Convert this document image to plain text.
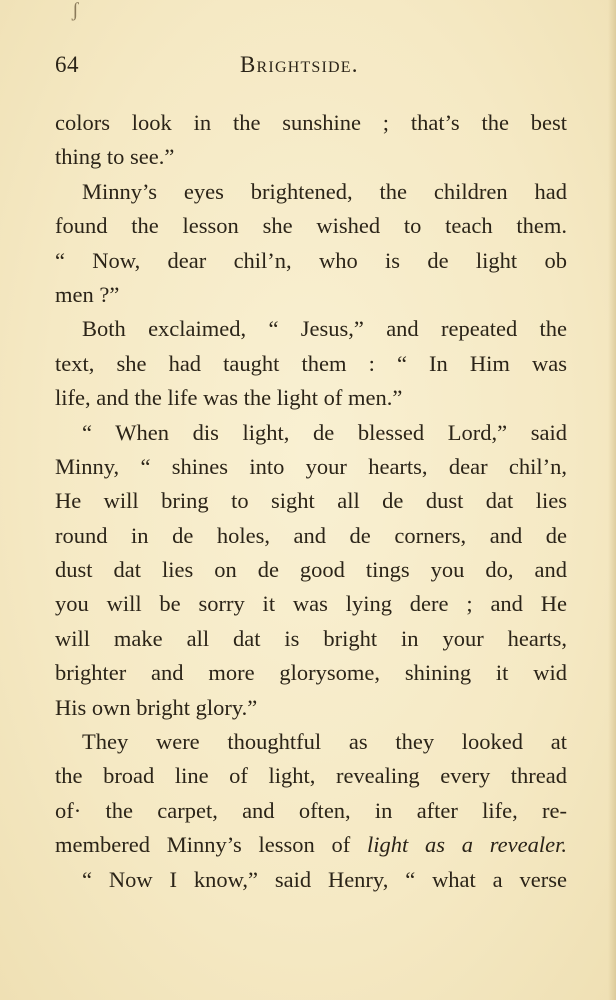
ʃ
64	Brightside.
colors look in the sunshine ; that’s the best
thing to see.”
Minny’s eyes brightened, the children had
found the lesson she wished to teach them.
“ Now, dear chil’n, who is de light ob
men ?”
Both exclaimed, “ Jesus,” and repeated the
text, she had taught them : “ In Him was
life, and the life was the light of men.”
“ When dis light, de blessed Lord,” said
Minny, “ shines into your hearts, dear chil’n,
He will bring to sight all de dust dat lies
round in de holes, and de corners, and de
dust dat lies on de good tings you do, and
you will be sorry it was lying dere ; and He
will make all dat is bright in your hearts,
brighter and more glorysome, shining it wid
His own bright glory.”
They were thoughtful as they looked at
the broad line of light, revealing every thread
of· the carpet, and often, in after life, re-
membered Minny’s lesson of light as a revealer.
“ Now I know,” said Henry, “ what a verse
